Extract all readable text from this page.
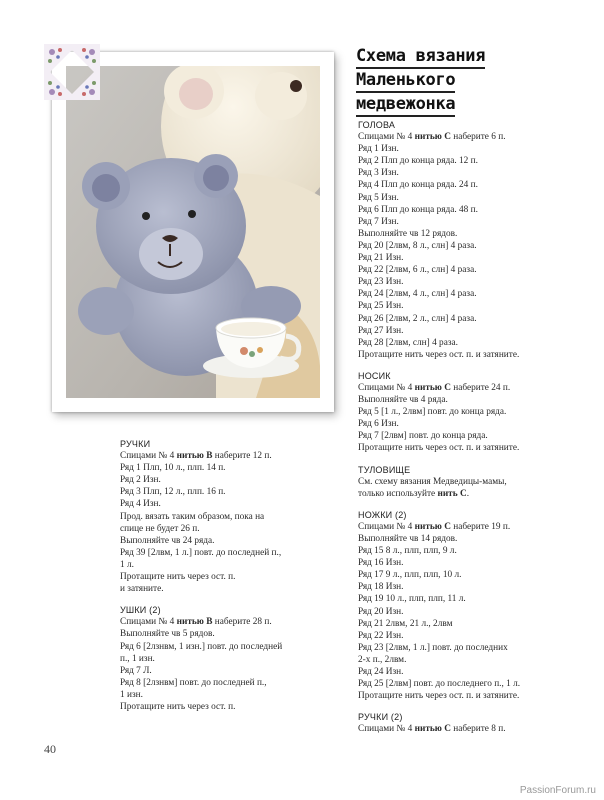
Схема вязания
Маленького
медвежонка
ГОЛОВА
Спицами № 4 нитью С наберите 6 п.
Ряд 1 Изн.
Ряд 2 Плп до конца ряда. 12 п.
Ряд 3 Изн.
Ряд 4 Плп до конца ряда. 24 п.
Ряд 5 Изн.
Ряд 6 Плп до конца ряда. 48 п.
Ряд 7 Изн.
Выполняйте чв 12 рядов.
Ряд 20 [2лвм, 8 л., слн] 4 раза.
Ряд 21 Изн.
Ряд 22 [2лвм, 6 л., слн] 4 раза.
Ряд 23 Изн.
Ряд 24 [2лвм, 4 л., слн] 4 раза.
Ряд 25 Изн.
Ряд 26 [2лвм, 2 л., слн] 4 раза.
Ряд 27 Изн.
Ряд 28 [2лвм, слн] 4 раза.
Протащите нить через ост. п. и затяните.
НОСИК
Спицами № 4 нитью С наберите 24 п.
Выполняйте чв 4 ряда.
Ряд 5 [1 л., 2лвм] повт. до конца ряда.
Ряд 6 Изн.
Ряд 7 [2лвм] повт. до конца ряда.
Протащите нить через ост. п. и затяните.
ТУЛОВИЩЕ
См. схему вязания Медведицы-мамы,
только используйте нить С.
НОЖКИ (2)
Спицами № 4 нитью С наберите 19 п.
Выполняйте чв 14 рядов.
Ряд 15 8 л., плп, плп, 9 л.
Ряд 16 Изн.
Ряд 17 9 л., плп, плп, 10 л.
Ряд 18 Изн.
Ряд 19 10 л., плп, плп, 11 л.
Ряд 20 Изн.
Ряд 21 2лвм, 21 л., 2лвм
Ряд 22 Изн.
Ряд 23 [2лвм, 1 л.] повт. до последних
2-х п., 2лвм.
Ряд 24 Изн.
Ряд 25 [2лвм] повт. до последнего п., 1 л.
Протащите нить через ост. п. и затяните.
РУЧКИ (2)
Спицами № 4 нитью С наберите 8 п.
РУЧКИ
Спицами № 4 нитью В наберите 12 п.
Ряд 1 Плп, 10 л., плп. 14 п.
Ряд 2 Изн.
Ряд 3 Плп, 12 л., плп. 16 п.
Ряд 4 Изн.
Прод. вязать таким образом, пока на
спице не будет 26 п.
Выполняйте чв 24 ряда.
Ряд 39 [2лвм, 1 л.] повт. до последней п.,
1 л.
Протащите нить через ост. п.
и затяните.
УШКИ (2)
Спицами № 4 нитью В наберите 28 п.
Выполняйте чв 5 рядов.
Ряд 6 [2лзнвм, 1 изн.] повт. до последней
п., 1 изн.
Ряд 7 Л.
Ряд 8 [2лзнвм] повт. до последней п.,
1 изн.
Протащите нить через ост. п.
40
PassionForum.ru
